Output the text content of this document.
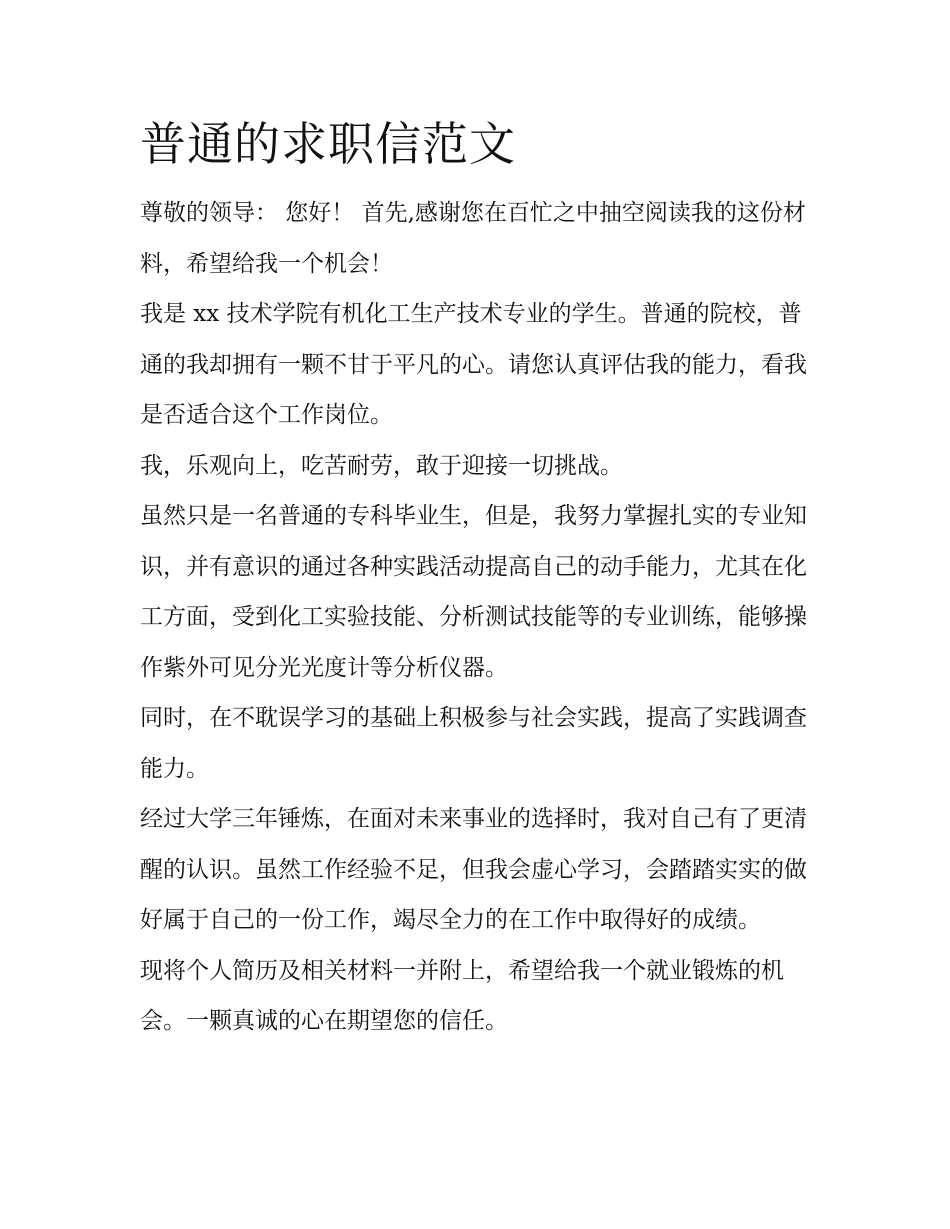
普通的求职信范文

尊敬的领导： 您好！ 首先,感谢您在百忙之中抽空阅读我的这份材料，希望给我一个机会！

我是 xx 技术学院有机化工生产技术专业的学生。普通的院校，普通的我却拥有一颗不甘于平凡的心。请您认真评估我的能力，看我是否适合这个工作岗位。

我，乐观向上，吃苦耐劳，敢于迎接一切挑战。

虽然只是一名普通的专科毕业生，但是，我努力掌握扎实的专业知识，并有意识的通过各种实践活动提高自己的动手能力，尤其在化工方面，受到化工实验技能、分析测试技能等的专业训练，能够操作紫外可见分光光度计等分析仪器。

同时，在不耽误学习的基础上积极参与社会实践，提高了实践调查能力。

经过大学三年锤炼，在面对未来事业的选择时，我对自己有了更清醒的认识。虽然工作经验不足，但我会虚心学习，会踏踏实实的做好属于自己的一份工作，竭尽全力的在工作中取得好的成绩。

现将个人简历及相关材料一并附上，希望给我一个就业锻炼的机会。一颗真诚的心在期望您的信任。
